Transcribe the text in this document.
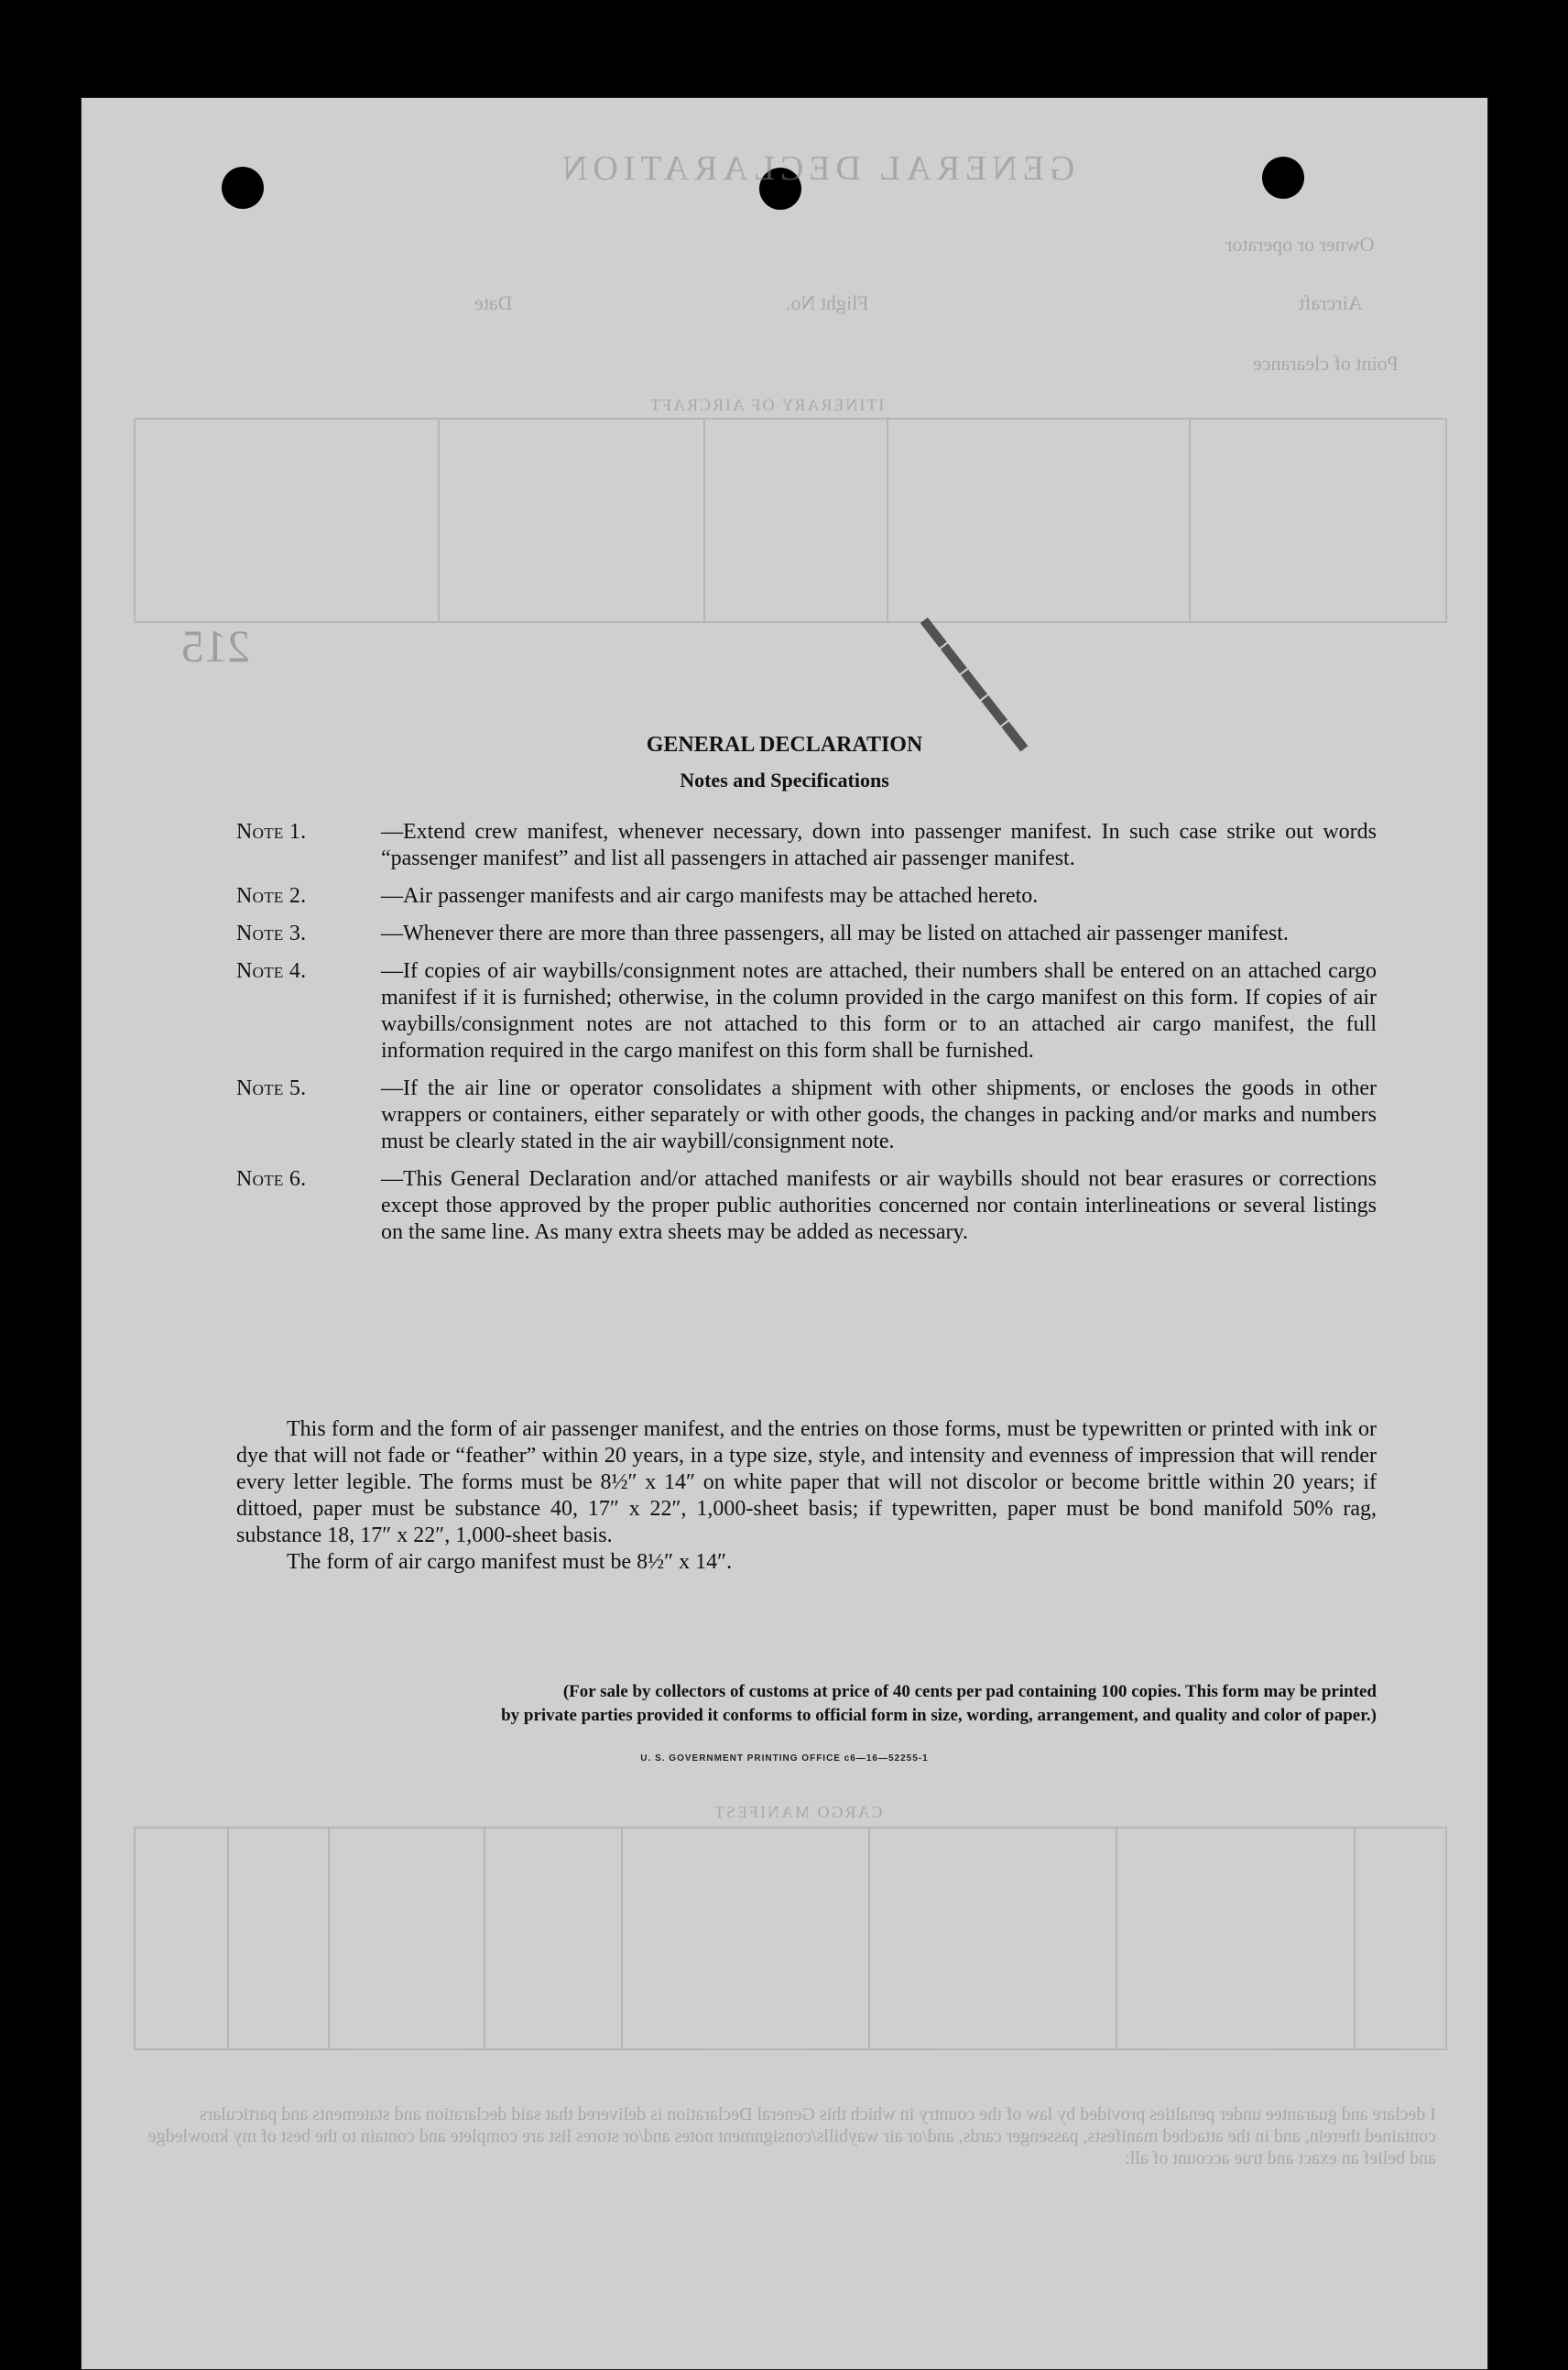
GENERAL DECLARATION
Owner or operator
Aircraft
Flight No.
Date
Point of clearance
ITINERARY OF AIRCRAFT
215
CARGO MANIFEST
I declare and guarantee under penalties provided by law of the country in which this General Declaration is delivered that said declaration and statements and particulars contained therein, and in the attached manifests, passenger cards, and/or air waybills/consignment notes and/or stores list are complete and contain to the best of my knowledge and belief an exact and true account of all:
▬▬▬▬▬
GENERAL DECLARATION
Notes and Specifications
Note 1.	—Extend crew manifest, whenever necessary, down into passenger manifest. In such case strike out words “passenger manifest” and list all passengers in attached air passenger manifest.
Note 2.	—Air passenger manifests and air cargo manifests may be attached hereto.
Note 3.	—Whenever there are more than three passengers, all may be listed on attached air passenger manifest.
Note 4.	—If copies of air waybills/consignment notes are attached, their numbers shall be entered on an attached cargo manifest if it is furnished; otherwise, in the column provided in the cargo manifest on this form. If copies of air waybills/consignment notes are not attached to this form or to an attached air cargo manifest, the full information required in the cargo manifest on this form shall be furnished.
Note 5.	—If the air line or operator consolidates a shipment with other shipments, or encloses the goods in other wrappers or containers, either separately or with other goods, the changes in packing and/or marks and numbers must be clearly stated in the air waybill/consignment note.
Note 6.	—This General Declaration and/or attached manifests or air waybills should not bear erasures or corrections except those approved by the proper public authorities concerned nor contain interlineations or several listings on the same line. As many extra sheets may be added as necessary.

This form and the form of air passenger manifest, and the entries on those forms, must be typewritten or printed with ink or dye that will not fade or “feather” within 20 years, in a type size, style, and intensity and evenness of impression that will render every letter legible. The forms must be 8½″ x 14″ on white paper that will not discolor or become brittle within 20 years; if dittoed, paper must be substance 40, 17″ x 22″, 1,000-sheet basis; if typewritten, paper must be bond manifold 50% rag, substance 18, 17″ x 22″, 1,000-sheet basis.

The form of air cargo manifest must be 8½″ x 14″.

(For sale by collectors of customs at price of 40 cents per pad containing 100 copies. This form may be printed
by private parties provided it conforms to official form in size, wording, arrangement, and quality and color of paper.)
U. S. GOVERNMENT PRINTING OFFICE c6—16—52255-1
